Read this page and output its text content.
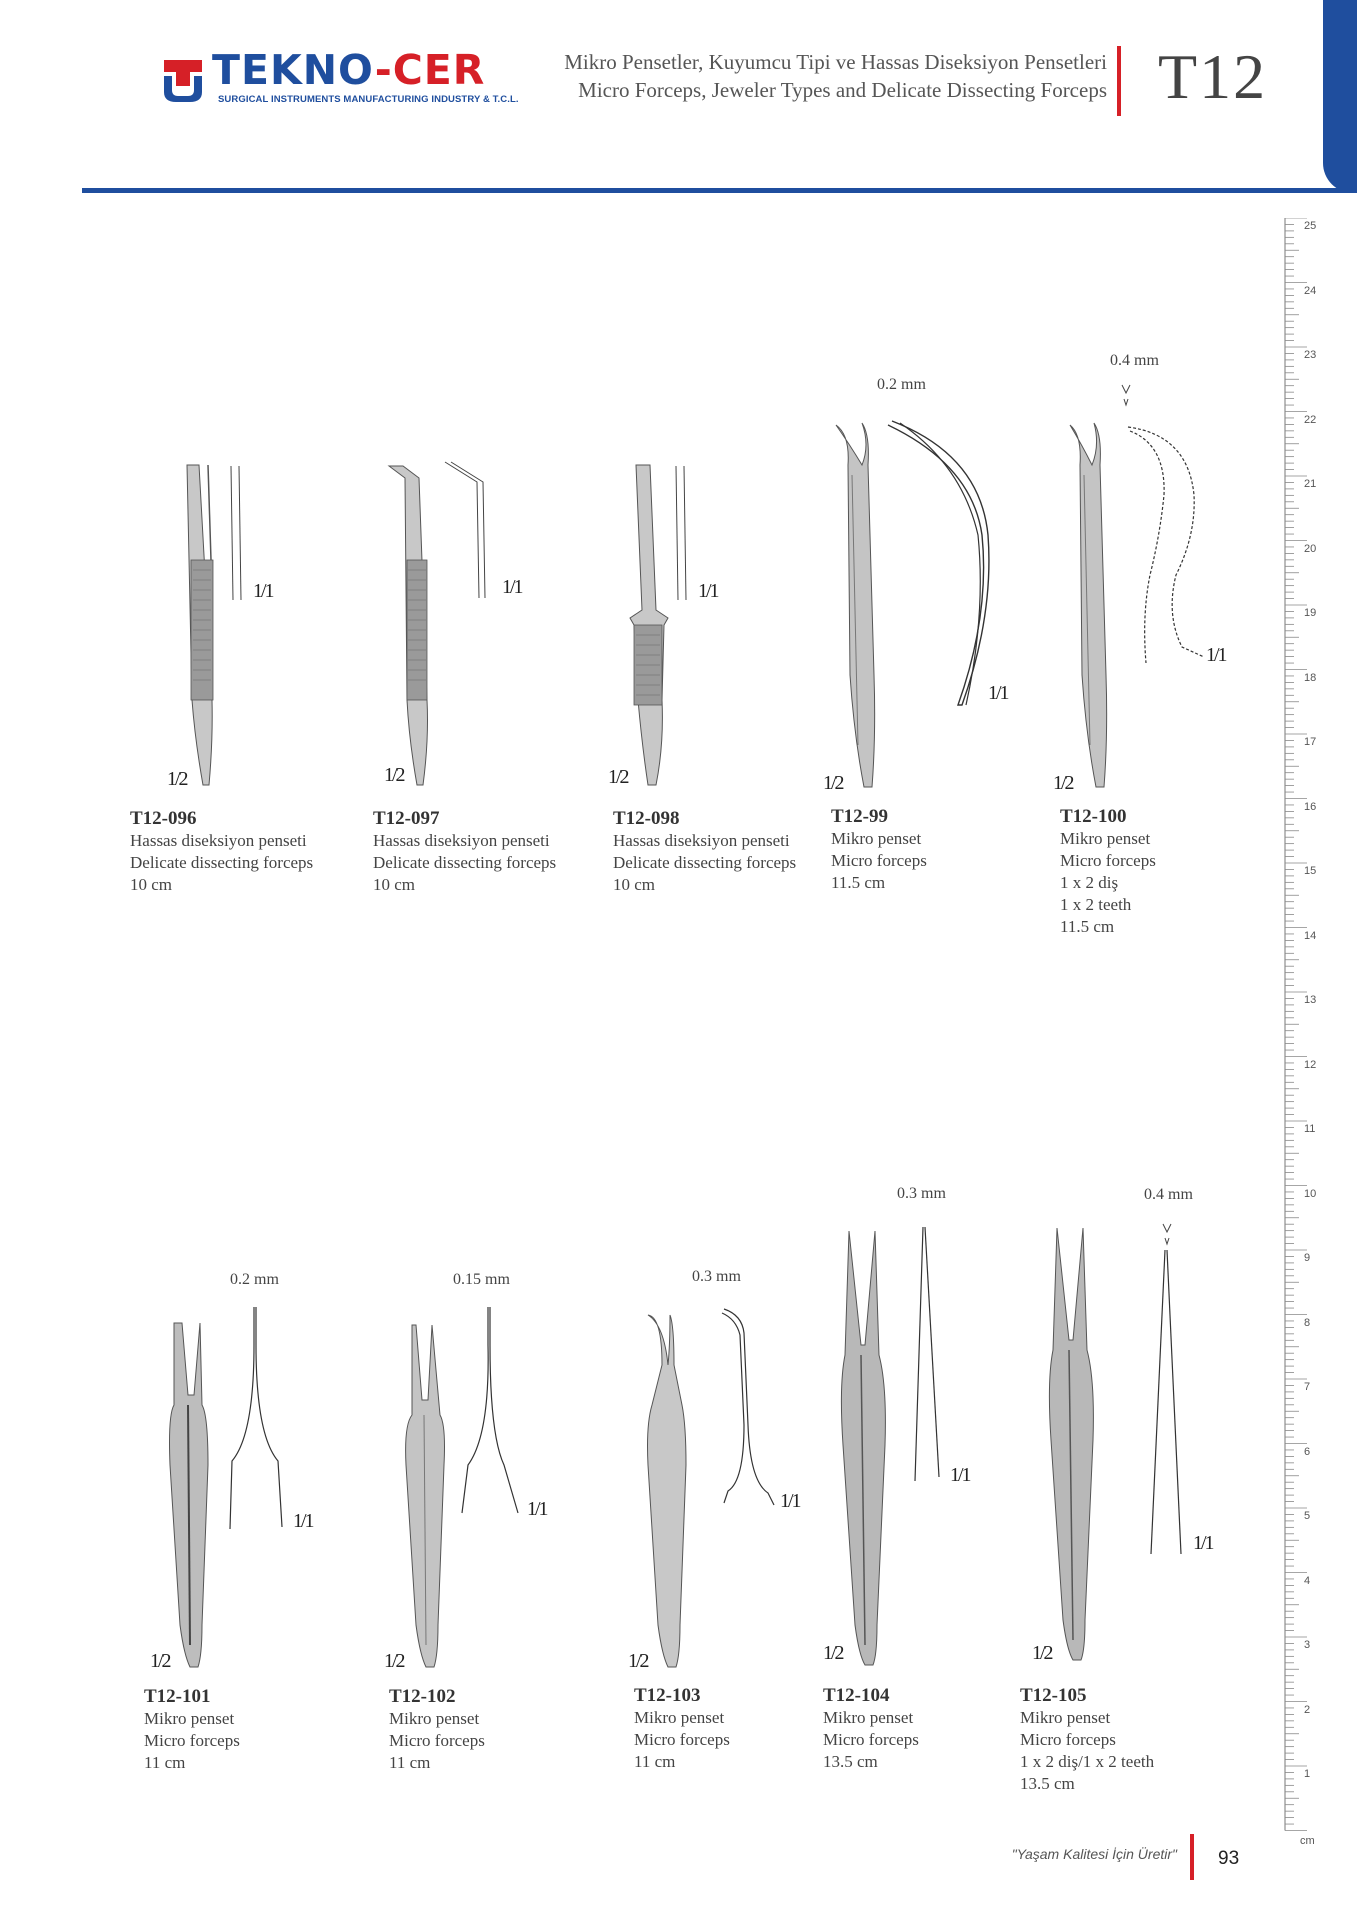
TEKNO-CER
SURGICAL INSTRUMENTS MANUFACTURING INDUSTRY & T.C.L.
Mikro Pensetler, Kuyumcu Tipi ve Hassas Diseksiyon Pensetleri
Micro Forceps, Jeweler Types and Delicate Dissecting Forceps T12
25
24
23
22
21
20
19
18
17
16
15
14
13
12
11
10
9
8
7
6
5
4
3
2
1
cm
0.2 mm
0.4 mm
1/1
1/2
1/1
1/2
1/1
1/2
1/1
1/2
1/1
1/2
T12-096
Hassas diseksiyon penseti
Delicate dissecting forceps
10 cm
T12-097
Hassas diseksiyon penseti
Delicate dissecting forceps
10 cm
T12-098
Hassas diseksiyon penseti
Delicate dissecting forceps
10 cm
T12-99
Mikro penset
Micro forceps
11.5 cm
T12-100
Mikro penset
Micro forceps
1 x 2 diş
1 x 2 teeth
11.5 cm
0.2 mm	0.15 mm	0.3 mm
0.3 mm	0.4 mm
1/1
1/2
1/1
1/2
1/1
1/2
1/1
1/2
1/1
1/2
T12-101
Mikro penset
Micro forceps
11 cm
T12-102
Mikro penset
Micro forceps
11 cm
T12-103
Mikro penset
Micro forceps
11 cm
T12-104
Mikro penset
Micro forceps
13.5 cm
T12-105
Mikro penset
Micro forceps
1 x 2 diş/1 x 2 teeth
13.5 cm
"Yaşam Kalitesi İçin Üretir" 93
